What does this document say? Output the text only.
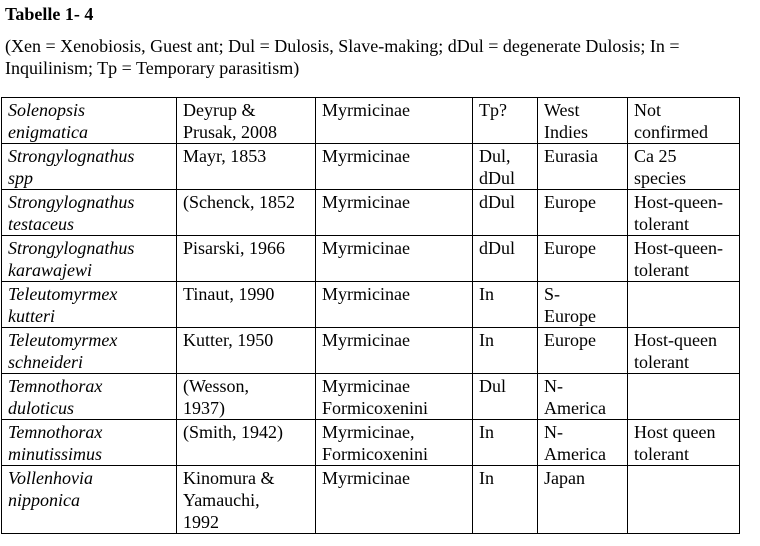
Tabelle 1- 4
(Xen = Xenobiosis, Guest ant; Dul = Dulosis, Slave-making; dDul = degenerate Dulosis; In =
Inquilinism; Tp = Temporary parasitism)
Solenopsis
enigmatica	Deyrup &
Prusak, 2008	Myrmicinae	Tp?	West
Indies	Not
confirmed

Strongylognathus
spp	Mayr, 1853	Myrmicinae	Dul,
dDul	Eurasia	Ca 25
species

Strongylognathus
testaceus	(Schenck, 1852	Myrmicinae	dDul	Europe	Host-queen-
tolerant

Strongylognathus
karawajewi	Pisarski, 1966	Myrmicinae	dDul	Europe	Host-queen-
tolerant

Teleutomyrmex
kutteri	Tinaut, 1990	Myrmicinae	In	S-
Europe	

Teleutomyrmex
schneideri	Kutter, 1950	Myrmicinae	In	Europe	Host-queen
tolerant

Temnothorax
duloticus	(Wesson,
1937)	Myrmicinae
Formicoxenini	Dul	N-
America	

Temnothorax
minutissimus	(Smith, 1942)	Myrmicinae,
Formicoxenini	In	N-
America	Host queen
tolerant

Vollenhovia
nipponica	Kinomura &
Yamauchi,
1992	Myrmicinae	In	Japan	
